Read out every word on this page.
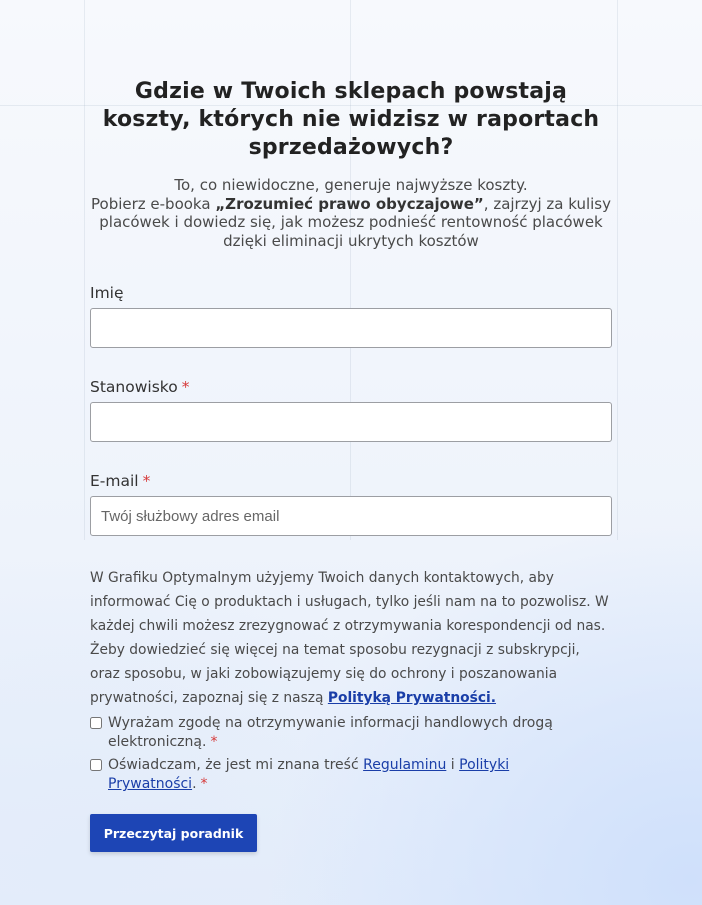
Gdzie w Twoich sklepach powstają koszty, których nie widzisz w raportach sprzedażowych?
To, co niewidoczne, generuje najwyższe koszty.
Pobierz e-booka „Zrozumieć prawo obyczajowe”, zajrzyj za kulisy placówek i dowiedz się, jak możesz podnieść rentowność placówek dzięki eliminacji ukrytych kosztów
Imię
Stanowisko *
E-mail *
Twój służbowy adres email
W Grafiku Optymalnym użyjemy Twoich danych kontaktowych, aby informować Cię o produktach i usługach, tylko jeśli nam na to pozwolisz. W każdej chwili możesz zrezygnować z otrzymywania korespondencji od nas. Żeby dowiedzieć się więcej na temat sposobu rezygnacji z subskrypcji, oraz sposobu, w jaki zobowiązujemy się do ochrony i poszanowania prywatności, zapoznaj się z naszą Polityką Prywatności.
Wyrażam zgodę na otrzymywanie informacji handlowych drogą elektroniczną. *
Oświadczam, że jest mi znana treść Regulaminu i Polityki Prywatności. *
Przeczytaj poradnik
